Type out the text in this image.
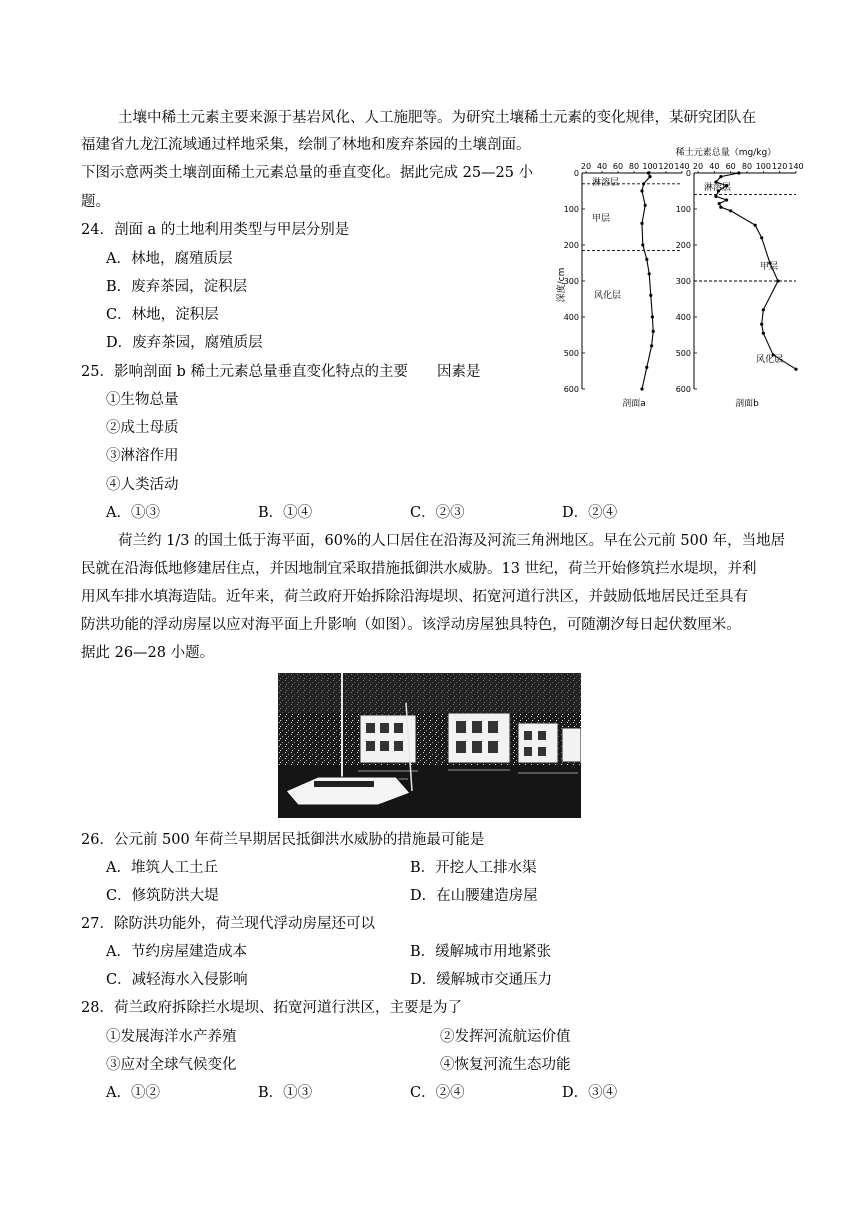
土壤中稀土元素主要来源于基岩风化、人工施肥等。为研究土壤稀土元素的变化规律，某研究团队在
福建省九龙江流域通过样地采集，绘制了林地和废弃茶园的土壤剖面。
下图示意两类土壤剖面稀土元素总量的垂直变化。据此完成 25—25 小
题。
24．剖面 a 的土地利用类型与甲层分别是
A．林地，腐殖质层
B．废弃茶园，淀积层
C．林地，淀积层
D．废弃茶园，腐殖质层
25．影响剖面 b 稀土元素总量垂直变化特点的主要　　因素是
①生物总量
②成土母质
③淋溶作用
④人类活动
A．①③	B．①④	C．②③	D．②④
稀土元素总量（mg/kg）
深度/cm
20 40 60 80 100 120 140
0
100
200
300
400
500
600
淋溶层
甲层
风化层
剖面a
20 40 60 80 100 120 140
0
100
200
300
400
500
600
淋溶层
甲层
风化层
剖面b
荷兰约 1/3 的国土低于海平面，60%的人口居住在沿海及河流三角洲地区。早在公元前 500 年，当地居
民就在沿海低地修建居住点，并因地制宜采取措施抵御洪水威胁。13 世纪，荷兰开始修筑拦水堤坝，并利
用风车排水填海造陆。近年来，荷兰政府开始拆除沿海堤坝、拓宽河道行洪区，并鼓励低地居民迁至具有
防洪功能的浮动房屋以应对海平面上升影响（如图）。该浮动房屋独具特色，可随潮汐每日起伏数厘米。
据此 26—28 小题。
26．公元前 500 年荷兰早期居民抵御洪水威胁的措施最可能是
A．堆筑人工土丘	B．开挖人工排水渠
C．修筑防洪大堤	D．在山腰建造房屋
27．除防洪功能外，荷兰现代浮动房屋还可以
A．节约房屋建造成本	B．缓解城市用地紧张
C．减轻海水入侵影响	D．缓解城市交通压力
28．荷兰政府拆除拦水堤坝、拓宽河道行洪区，主要是为了
①发展海洋水产养殖	②发挥河流航运价值
③应对全球气候变化	④恢复河流生态功能
A．①②	B．①③	C．②④	D．③④
